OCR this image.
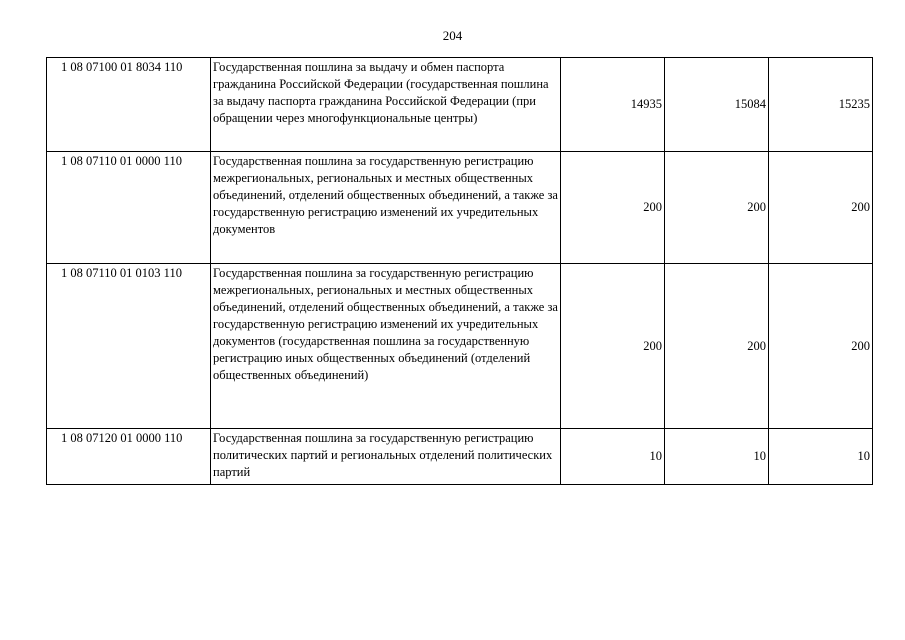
204
1 08 07100 01 8034 110	Государственная пошлина за выдачу и обмен паспорта гражданина Российской Федерации (государственная пошлина за выдачу паспорта гражданина Российской Федерации (при обращении через многофункциональные центры)	14935	15084	15235
1 08 07110 01 0000 110	Государственная пошлина за государственную регистрацию межрегиональных, региональных и местных общественных объединений, отделений общественных объединений, а также за государственную регистрацию изменений их учредительных документов	200	200	200
1 08 07110 01 0103 110	Государственная пошлина за государственную регистрацию межрегиональных, региональных и местных общественных объединений, отделений общественных объединений, а также за государственную регистрацию изменений их учредительных документов (государственная пошлина за государственную регистрацию иных общественных объединений (отделений общественных объединений)	200	200	200
1 08 07120 01 0000 110	Государственная пошлина за государственную регистрацию политических партий и региональных отделений политических партий	10	10	10
